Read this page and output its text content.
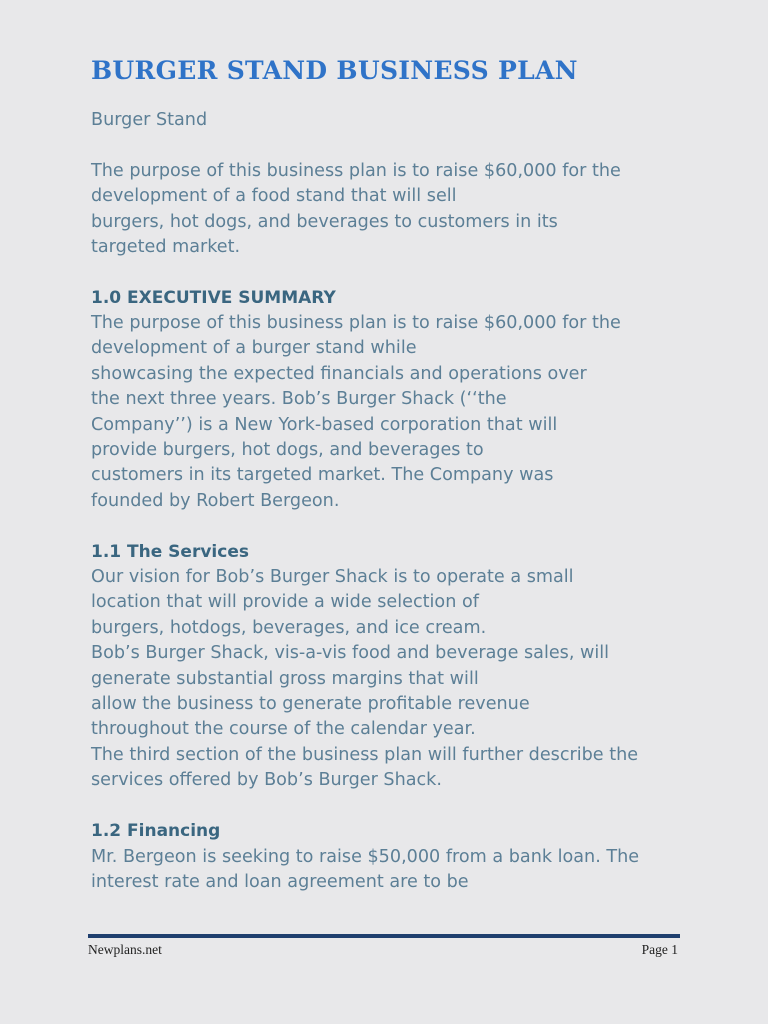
BURGER STAND BUSINESS PLAN

Burger Stand

The purpose of this business plan is to raise $60,000 for the
development of a food stand that will sell
burgers, hot dogs, and beverages to customers in its
targeted market.

1.0 EXECUTIVE SUMMARY

The purpose of this business plan is to raise $60,000 for the
development of a burger stand while
showcasing the expected financials and operations over
the next three years. Bob’s Burger Shack (‘‘the
Company’’) is a New York-based corporation that will
provide burgers, hot dogs, and beverages to
customers in its targeted market. The Company was
founded by Robert Bergeon.

1.1 The Services

Our vision for Bob’s Burger Shack is to operate a small
location that will provide a wide selection of
burgers, hotdogs, beverages, and ice cream.
Bob’s Burger Shack, vis-a-vis food and beverage sales, will
generate substantial gross margins that will
allow the business to generate profitable revenue
throughout the course of the calendar year.
The third section of the business plan will further describe the
services offered by Bob’s Burger Shack.

1.2 Financing

Mr. Bergeon is seeking to raise $50,000 from a bank loan. The
interest rate and loan agreement are to be

Newplans.net	Page 1
